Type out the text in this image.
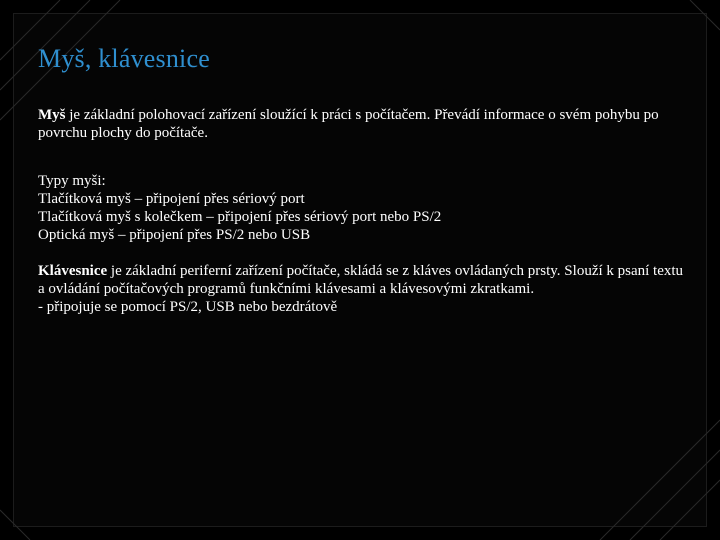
Myš, klávesnice

Myš je základní polohovací zařízení sloužící k práci s počítačem. Převádí informace o svém pohybu po povrchu plochy do počítače.

Typy myši:

Tlačítková myš – připojení přes sériový port

Tlačítková myš s kolečkem – připojení přes sériový port nebo PS/2

Optická myš – připojení přes PS/2 nebo USB

Klávesnice je základní periferní zařízení počítače, skládá se z kláves ovládaných prsty. Slouží k psaní textu a ovládání počítačových programů funkčními klávesami a klávesovými zkratkami.

- připojuje se pomocí PS/2, USB nebo bezdrátově
